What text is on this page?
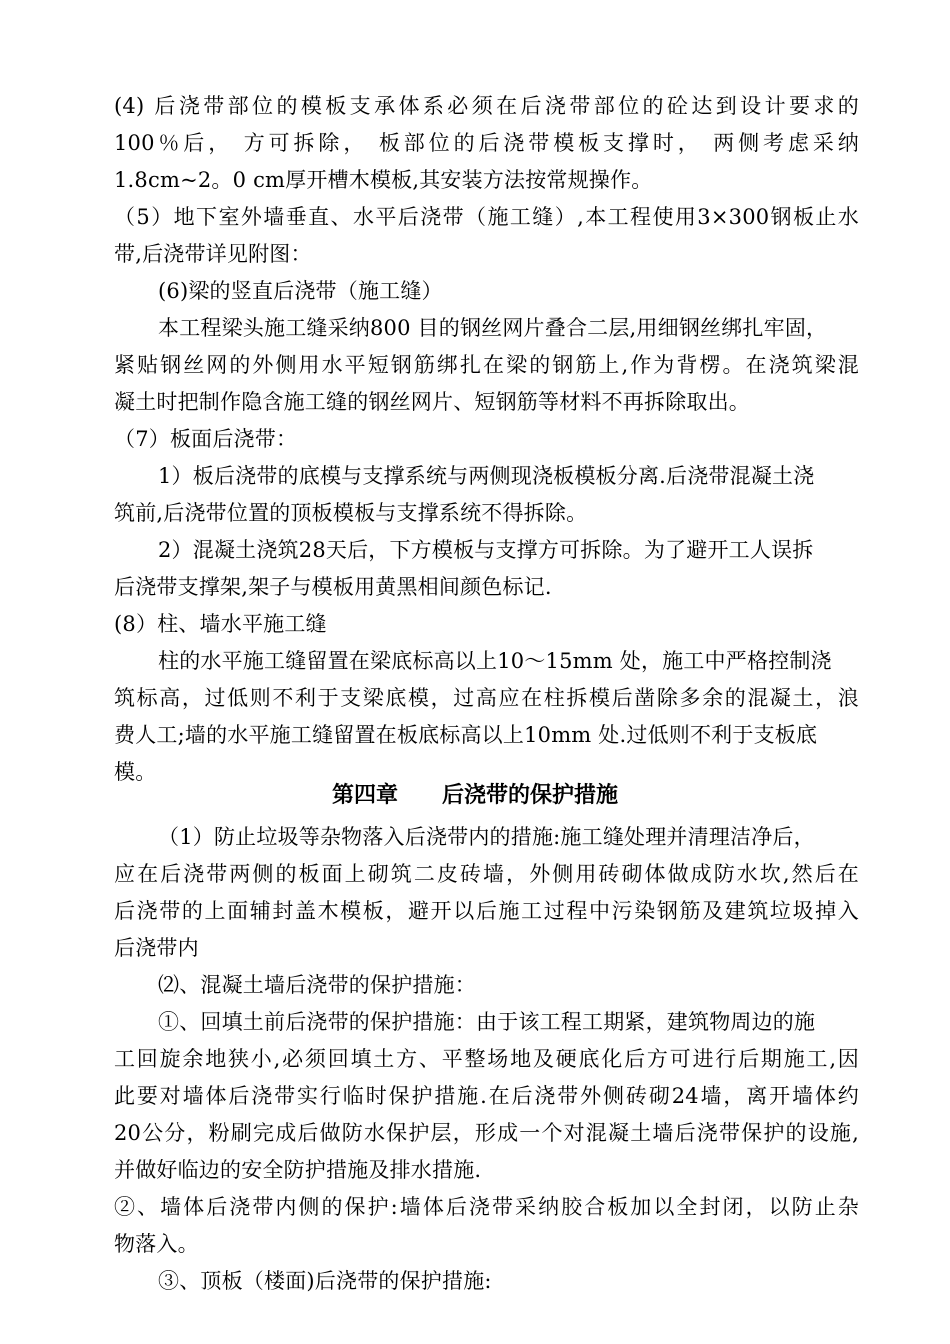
(4) 后浇带部位的模板支承体系必须在后浇带部位的砼达到设计要求的
100％后， 方可拆除， 板部位的后浇带模板支撑时， 两侧考虑采纳
1.8cm~2。0 cm厚开槽木模板,其安装方法按常规操作。
（5）地下室外墙垂直、水平后浇带（施工缝）,本工程使用3×300钢板止水
带,后浇带详见附图：
(6)梁的竖直后浇带（施工缝）
本工程梁头施工缝采纳800 目的钢丝网片叠合二层,用细钢丝绑扎牢固，
紧贴钢丝网的外侧用水平短钢筋绑扎在梁的钢筋上,作为背楞。在浇筑梁混
凝土时把制作隐含施工缝的钢丝网片、短钢筋等材料不再拆除取出。
（7）板面后浇带：
1）板后浇带的底模与支撑系统与两侧现浇板模板分离.后浇带混凝土浇
筑前,后浇带位置的顶板模板与支撑系统不得拆除。
2）混凝土浇筑28天后，下方模板与支撑方可拆除。为了避开工人误拆
后浇带支撑架,架子与模板用黄黑相间颜色标记.
(8）柱、墙水平施工缝
柱的水平施工缝留置在梁底标高以上10～15mm 处，施工中严格控制浇
筑标高，过低则不利于支梁底模，过高应在柱拆模后凿除多余的混凝土，浪
费人工;墙的水平施工缝留置在板底标高以上10mm 处.过低则不利于支板底
模。
第四章　　后浇带的保护措施
（1）防止垃圾等杂物落入后浇带内的措施:施工缝处理并清理洁净后，
应在后浇带两侧的板面上砌筑二皮砖墙，外侧用砖砌体做成防水坎,然后在
后浇带的上面辅封盖木模板，避开以后施工过程中污染钢筋及建筑垃圾掉入
后浇带内
⑵、混凝土墙后浇带的保护措施：
①、回填土前后浇带的保护措施：由于该工程工期紧，建筑物周边的施
工回旋余地狭小,必须回填土方、平整场地及硬底化后方可进行后期施工,因
此要对墙体后浇带实行临时保护措施.在后浇带外侧砖砌24墙，离开墙体约
20公分，粉刷完成后做防水保护层，形成一个对混凝土墙后浇带保护的设施,
并做好临边的安全防护措施及排水措施.
②、墙体后浇带内侧的保护:墙体后浇带采纳胶合板加以全封闭，以防止杂
物落入。
③、顶板（楼面)后浇带的保护措施:
